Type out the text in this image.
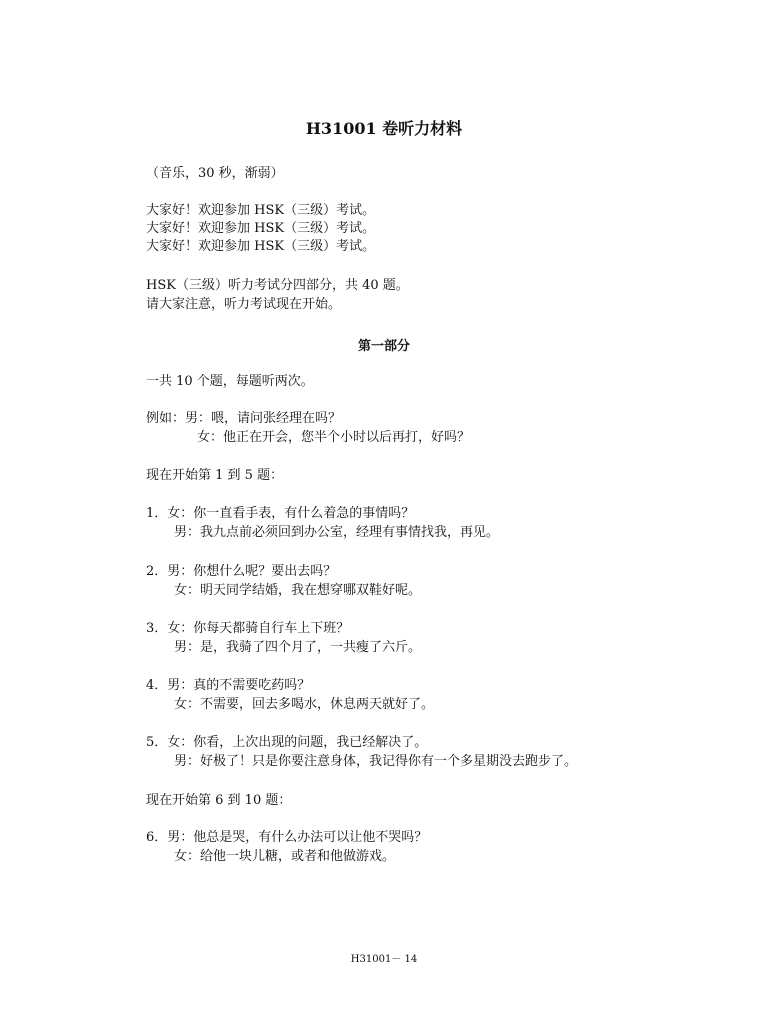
H31001 卷听力材料
（音乐，30 秒，渐弱）
大家好！欢迎参加 HSK（三级）考试。
大家好！欢迎参加 HSK（三级）考试。
大家好！欢迎参加 HSK（三级）考试。
HSK（三级）听力考试分四部分，共 40 题。
请大家注意，听力考试现在开始。
第一部分
一共 10 个题，每题听两次。
例如：男：喂，请问张经理在吗？
女：他正在开会，您半个小时以后再打，好吗？
现在开始第 1 到 5 题：
1．女：你一直看手表，有什么着急的事情吗？
男：我九点前必须回到办公室，经理有事情找我，再见。
2．男：你想什么呢？要出去吗？
女：明天同学结婚，我在想穿哪双鞋好呢。
3．女：你每天都骑自行车上下班？
男：是，我骑了四个月了，一共瘦了六斤。
4．男：真的不需要吃药吗？
女：不需要，回去多喝水，休息两天就好了。
5．女：你看，上次出现的问题，我已经解决了。
男：好极了！只是你要注意身体，我记得你有一个多星期没去跑步了。
现在开始第 6 到 10 题：
6．男：他总是哭，有什么办法可以让他不哭吗？
女：给他一块儿糖，或者和他做游戏。
H31001－ 14
